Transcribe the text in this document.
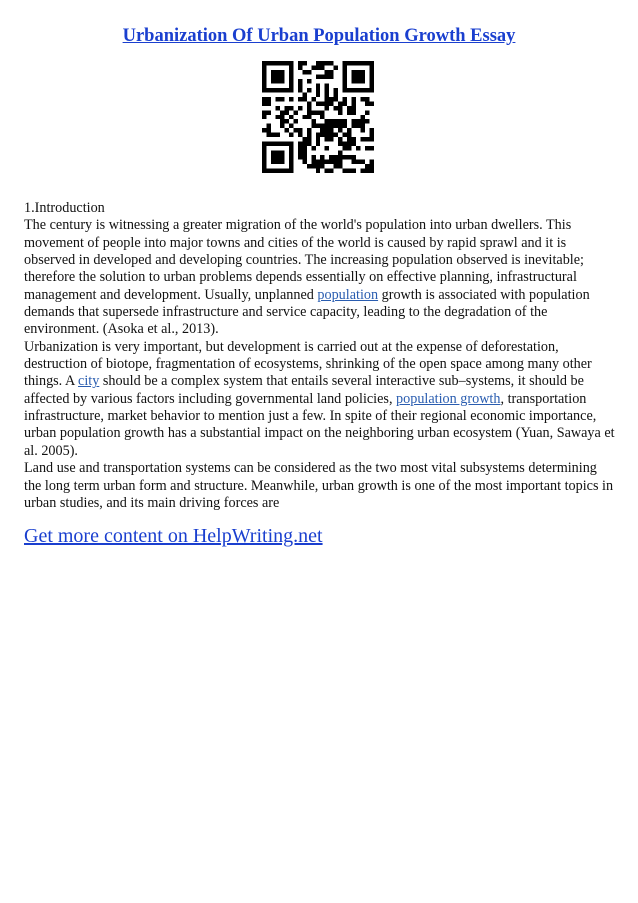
Urbanization Of Urban Population Growth Essay

1.Introduction

The century is witnessing a greater migration of the world's population into urban dwellers. This movement of people into major towns and cities of the world is caused by rapid sprawl and it is observed in developed and developing countries. The increasing population observed is inevitable; therefore the solution to urban problems depends essentially on effective planning, infrastructural management and development. Usually, unplanned population growth is associated with population demands that supersede infrastructure and service capacity, leading to the degradation of the environment. (Asoka et al., 2013).

Urbanization is very important, but development is carried out at the expense of deforestation, destruction of biotope, fragmentation of ecosystems, shrinking of the open space among many other things. A city should be a complex system that entails several interactive sub–systems, it should be affected by various factors including governmental land policies, population growth, transportation infrastructure, market behavior to mention just a few. In spite of their regional economic importance, urban population growth has a substantial impact on the neighboring urban ecosystem (Yuan, Sawaya et al. 2005).

Land use and transportation systems can be considered as the two most vital subsystems determining the long term urban form and structure. Meanwhile, urban growth is one of the most important topics in urban studies, and its main driving forces are

Get more content on HelpWriting.net
